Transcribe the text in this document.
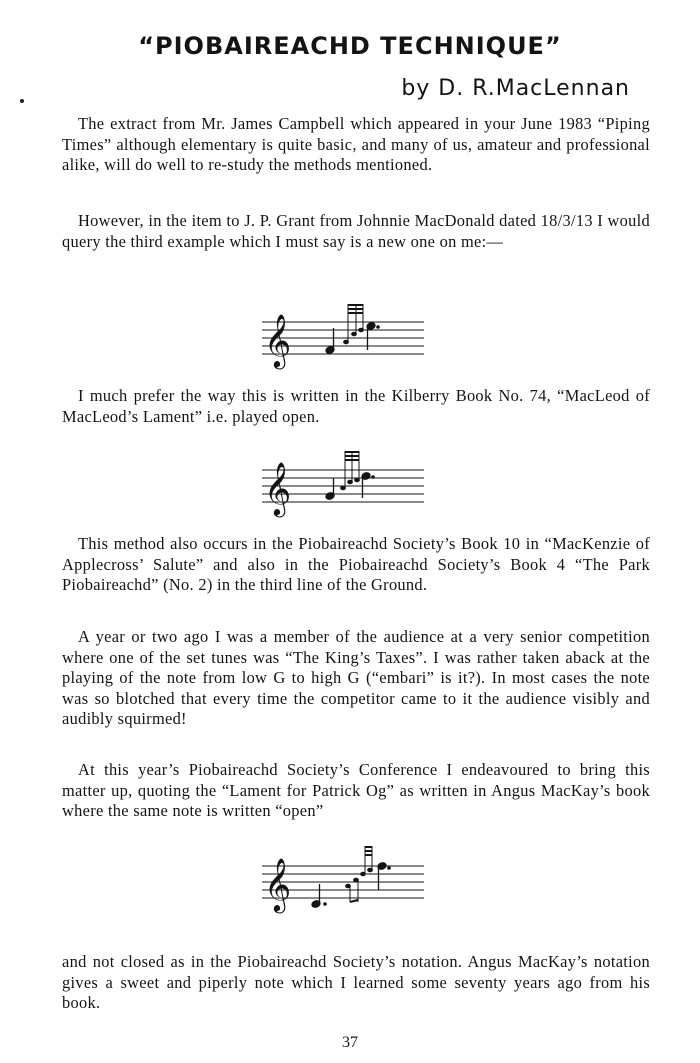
“PIOBAIREACHD TECHNIQUE”
by D. R.MacLennan

The extract from Mr. James Campbell which appeared in your June 1983 “Piping Times” although elementary is quite basic, and many of us, amateur and professional alike, will do well to re-study the methods mentioned.

However, in the item to J. P. Grant from Johnnie MacDonald dated 18/3/13 I would query the third example which I must say is a new one on me:—

𝄞

I much prefer the way this is written in the Kilberry Book No. 74, “MacLeod of MacLeod’s Lament” i.e. played open.

𝄞

This method also occurs in the Piobaireachd Society’s Book 10 in “MacKenzie of Applecross’ Salute” and also in the Piobaireachd Society’s Book 4 “The Park Piobaireachd” (No. 2) in the third line of the Ground.

A year or two ago I was a member of the audience at a very senior competition where one of the set tunes was “The King’s Taxes”. I was rather taken aback at the playing of the note from low G to high G (“embari” is it?). In most cases the note was so blotched that every time the competitor came to it the audience visibly and audibly squirmed!

At this year’s Piobaireachd Society’s Conference I endeavoured to bring this matter up, quoting the “Lament for Patrick Og” as written in Angus MacKay’s book where the same note is written “open”

𝄞

and not closed as in the Piobaireachd Society’s notation. Angus MacKay’s notation gives a sweet and piperly note which I learned some seventy years ago from his book.

37
